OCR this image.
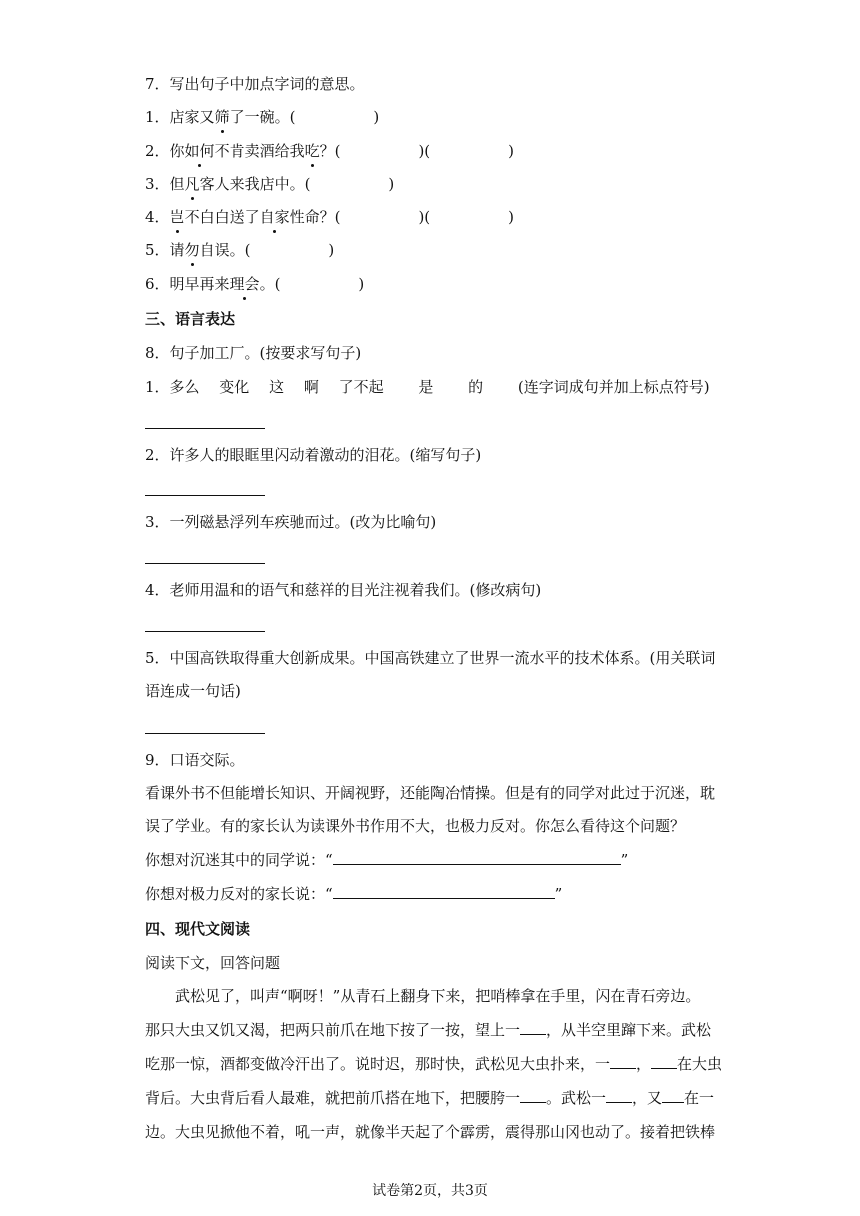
7．写出句子中加点字词的意思。
1．店家又筛了一碗。(	)
2．你如何不肯卖酒给我吃？(	)(	)
3．但凡客人来我店中。(	)
4．岂不白白送了自家性命？(	)(	)
5．请勿自误。(	)
6．明早再来理会。(	)
三、语言表达
8．句子加工厂。(按要求写句子)
1．多么　 变化　 这　 啊　 了不起　　 是　　 的　　 (连字词成句并加上标点符号)
2．许多人的眼眶里闪动着激动的泪花。(缩写句子)
3．一列磁悬浮列车疾驰而过。(改为比喻句)
4．老师用温和的语气和慈祥的目光注视着我们。(修改病句)
5．中国高铁取得重大创新成果。中国高铁建立了世界一流水平的技术体系。(用关联词
语连成一句话)
9．口语交际。
看课外书不但能增长知识、开阔视野，还能陶冶情操。但是有的同学对此过于沉迷，耽
误了学业。有的家长认为读课外书作用不大，也极力反对。你怎么看待这个问题？
你想对沉迷其中的同学说：“	”
你想对极力反对的家长说：“	”
四、现代文阅读
阅读下文，回答问题
　　武松见了，叫声“啊呀！”从青石上翻身下来，把哨棒拿在手里，闪在青石旁边。
那只大虫又饥又渴，把两只前爪在地下按了一按，望上一 ，从半空里蹿下来。武松
吃那一惊，酒都变做冷汗出了。说时迟，那时快，武松见大虫扑来，一 ， 在大虫
背后。大虫背后看人最难，就把前爪搭在地下，把腰胯一 。武松一 ，又 在一
边。大虫见掀他不着，吼一声，就像半天起了个霹雳，震得那山冈也动了。接着把铁棒
试卷第2页，共3页
